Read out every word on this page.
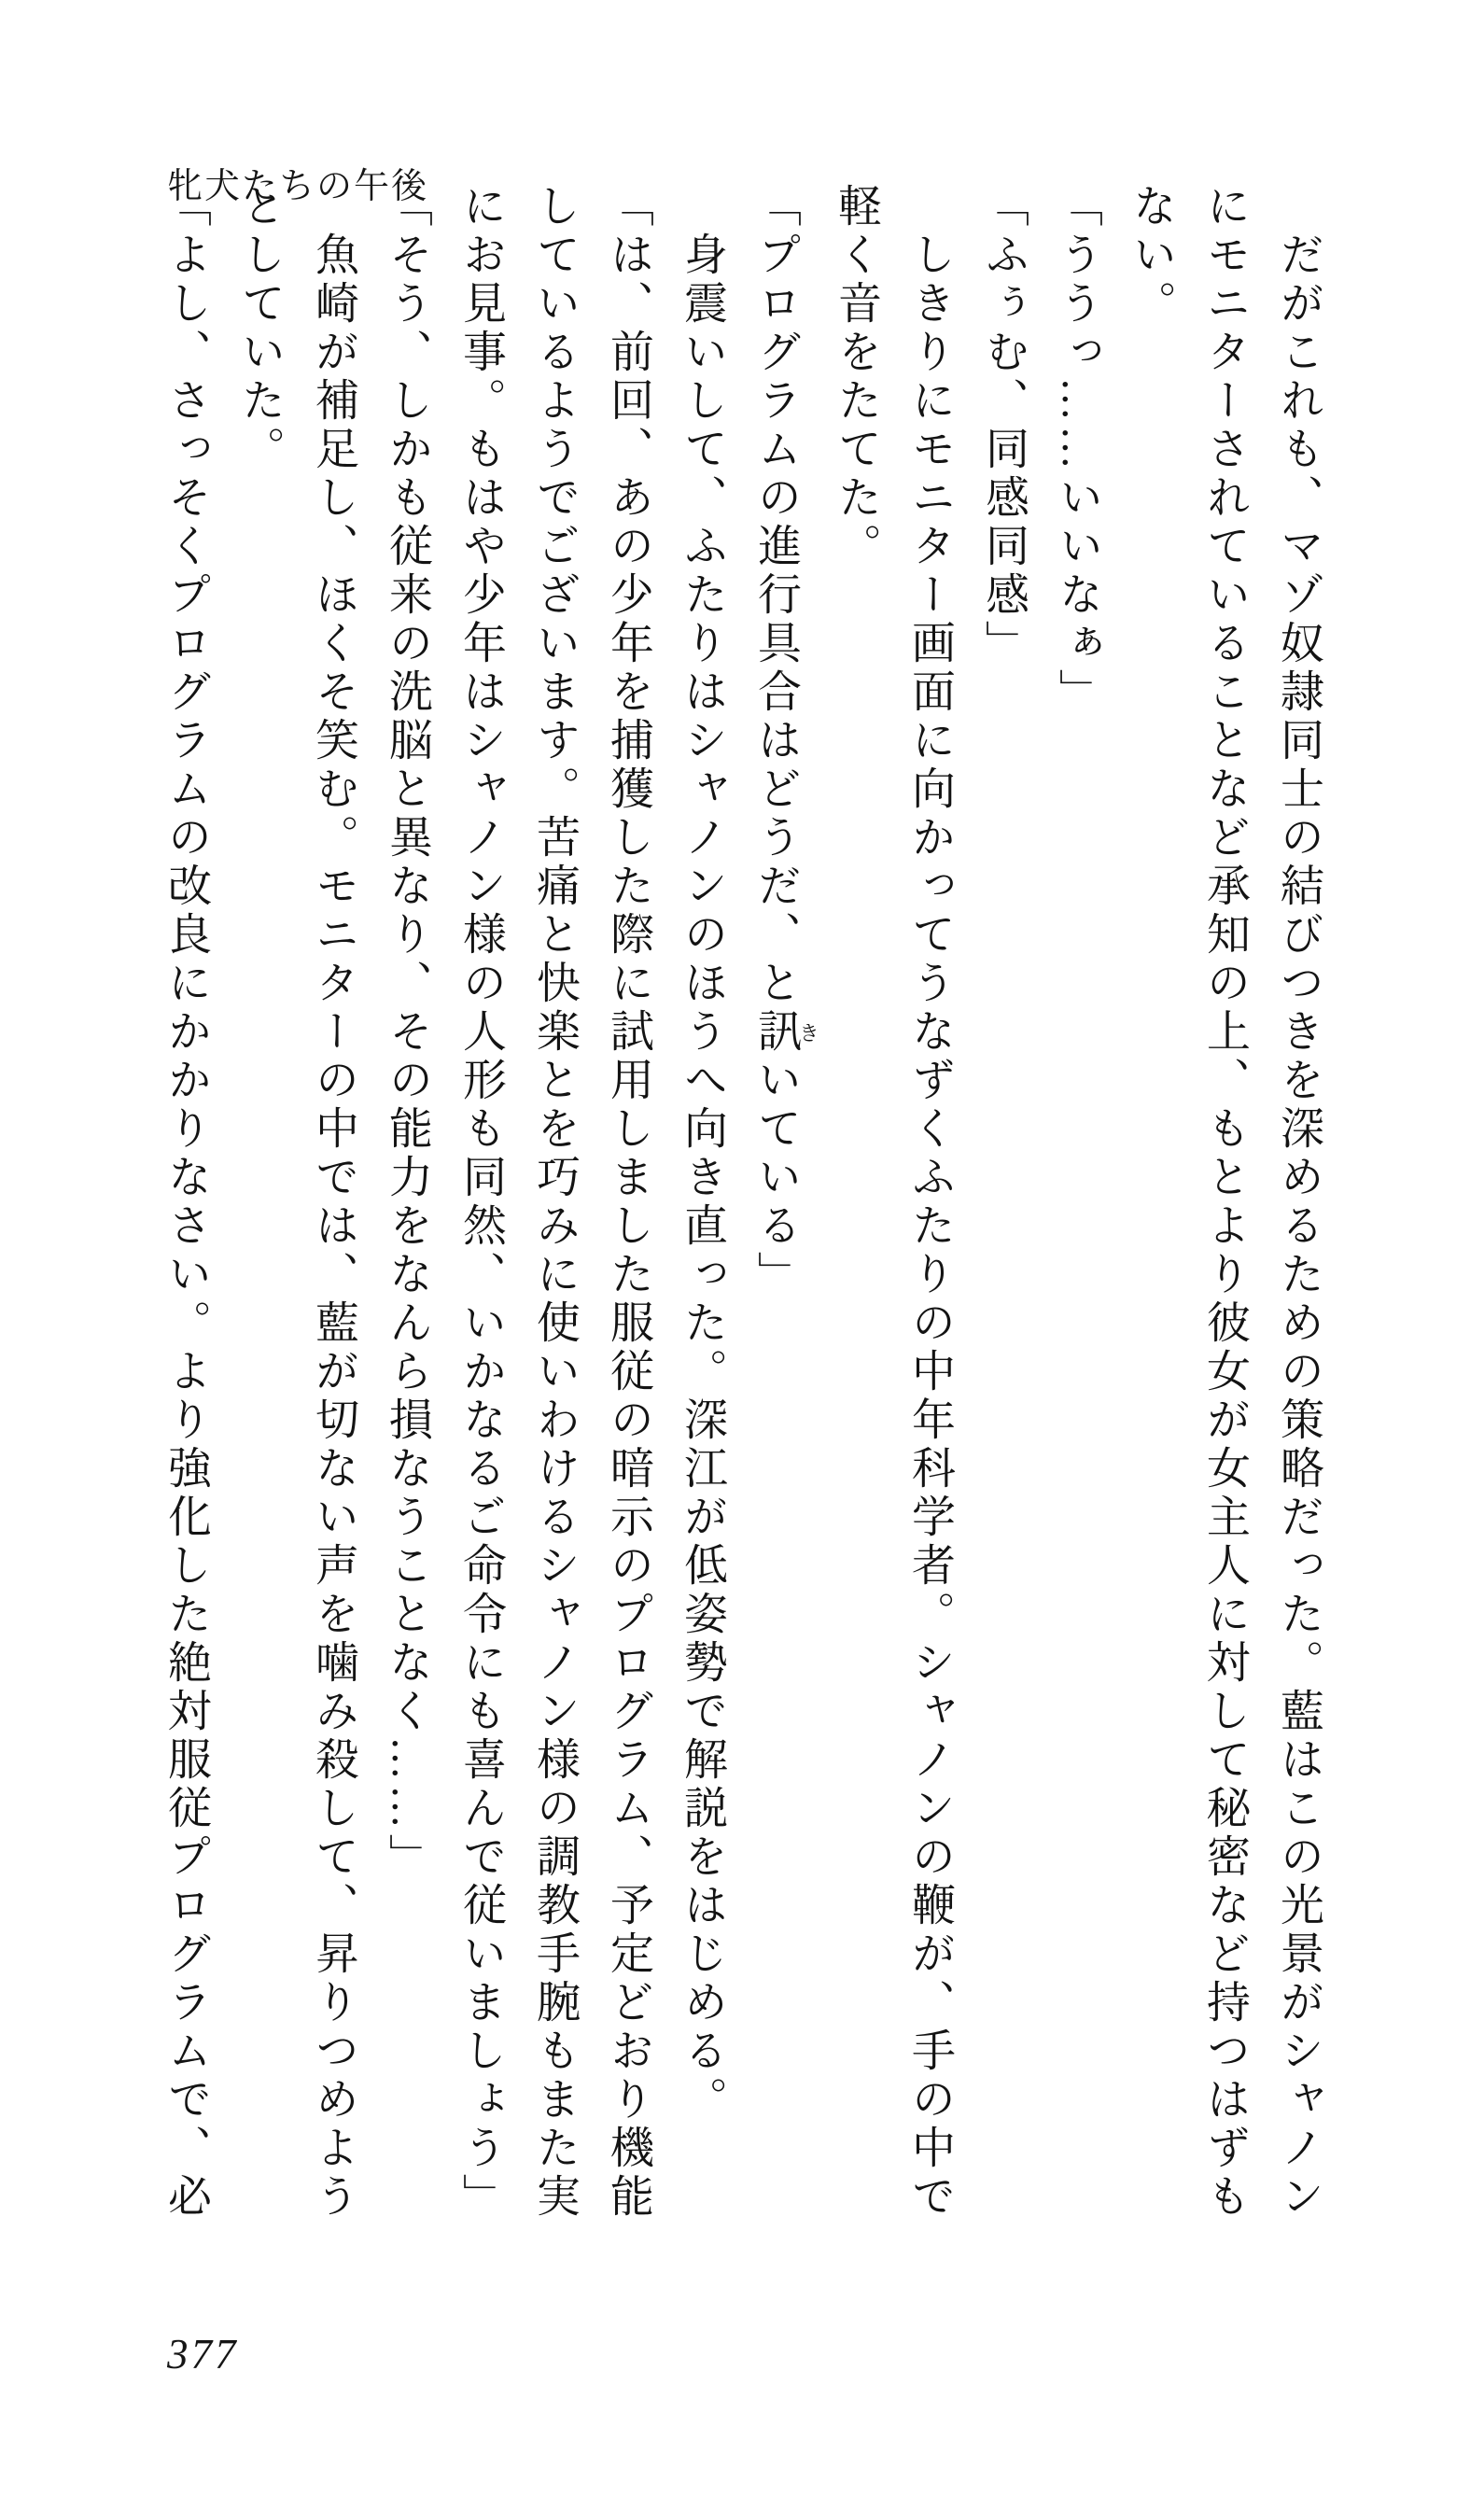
牝犬たちの午後

だがこれも、マゾ奴隷同士の結びつきを深めるための策略だった。藍はこの光景がシャノン

にモニターされていることなど承知の上、もとより彼女が女主人に対して秘密など持つはずも

ない。

「ううっ……いいなぁ」

「ふぅむ、同感同感」

しきりにモニター画面に向かってうなずくふたりの中年科学者。シャノンの鞭が、手の中で

軽く音をたてた。

「プログラムの進行具合はどうだ、と訊きいている」

身震いして、ふたりはシャノンのほうへ向き直った。深江が低姿勢で解説をはじめる。

「は、前回、あの少年を捕獲した際に試用しました服従の暗示のプログラム、予定どおり機能

しているようでございます。苦痛と快楽とを巧みに使いわけるシャノン様の調教手腕もまた実

にお見事。もはや少年はシャノン様の人形も同然、いかなるご命令にも喜んで従いましょう」

「そう、しかも従来の洗脳と異なり、その能力をなんら損なうことなく……」

魚崎が補足し、ほくそ笑む。モニターの中では、藍が切ない声を噛み殺して、昇りつめよう

としていた。

「よし、さっそくプログラムの改良にかかりなさい。より強化した絶対服従プログラムで、必

377
